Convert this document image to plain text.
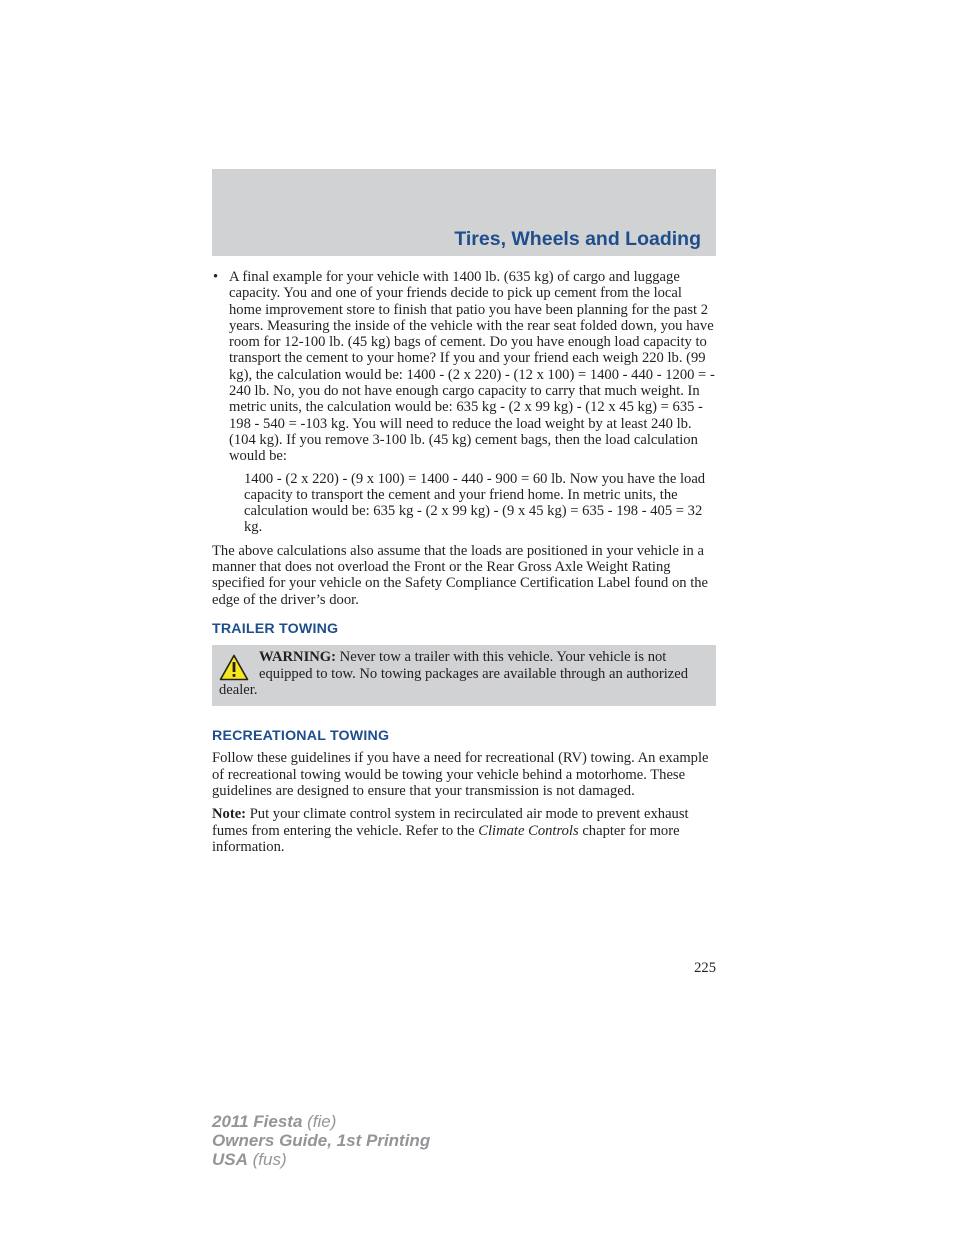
Tires, Wheels and Loading
• A final example for your vehicle with 1400 lb. (635 kg) of cargo and luggage capacity. You and one of your friends decide to pick up cement from the local home improvement store to finish that patio you have been planning for the past 2 years. Measuring the inside of the vehicle with the rear seat folded down, you have room for 12-100 lb. (45 kg) bags of cement. Do you have enough load capacity to transport the cement to your home? If you and your friend each weigh 220 lb. (99 kg), the calculation would be: 1400 - (2 x 220) - (12 x 100) = 1400 - 440 - 1200 = - 240 lb. No, you do not have enough cargo capacity to carry that much weight. In metric units, the calculation would be: 635 kg - (2 x 99 kg) - (12 x 45 kg) = 635 - 198 - 540 = -103 kg. You will need to reduce the load weight by at least 240 lb. (104 kg). If you remove 3-100 lb. (45 kg) cement bags, then the load calculation would be:

1400 - (2 x 220) - (9 x 100) = 1400 - 440 - 900 = 60 lb. Now you have the load capacity to transport the cement and your friend home. In metric units, the calculation would be: 635 kg - (2 x 99 kg) - (9 x 45 kg) = 635 - 198 - 405 = 32 kg.

The above calculations also assume that the loads are positioned in your vehicle in a manner that does not overload the Front or the Rear Gross Axle Weight Rating specified for your vehicle on the Safety Compliance Certification Label found on the edge of the driver’s door.

TRAILER TOWING
WARNING: Never tow a trailer with this vehicle. Your vehicle is not equipped to tow. No towing packages are available through an authorized dealer.
RECREATIONAL TOWING

Follow these guidelines if you have a need for recreational (RV) towing. An example of recreational towing would be towing your vehicle behind a motorhome. These guidelines are designed to ensure that your transmission is not damaged.

Note: Put your climate control system in recirculated air mode to prevent exhaust fumes from entering the vehicle. Refer to the Climate Controls chapter for more information.

225
2011 Fiesta (fie)
Owners Guide, 1st Printing
USA (fus)
